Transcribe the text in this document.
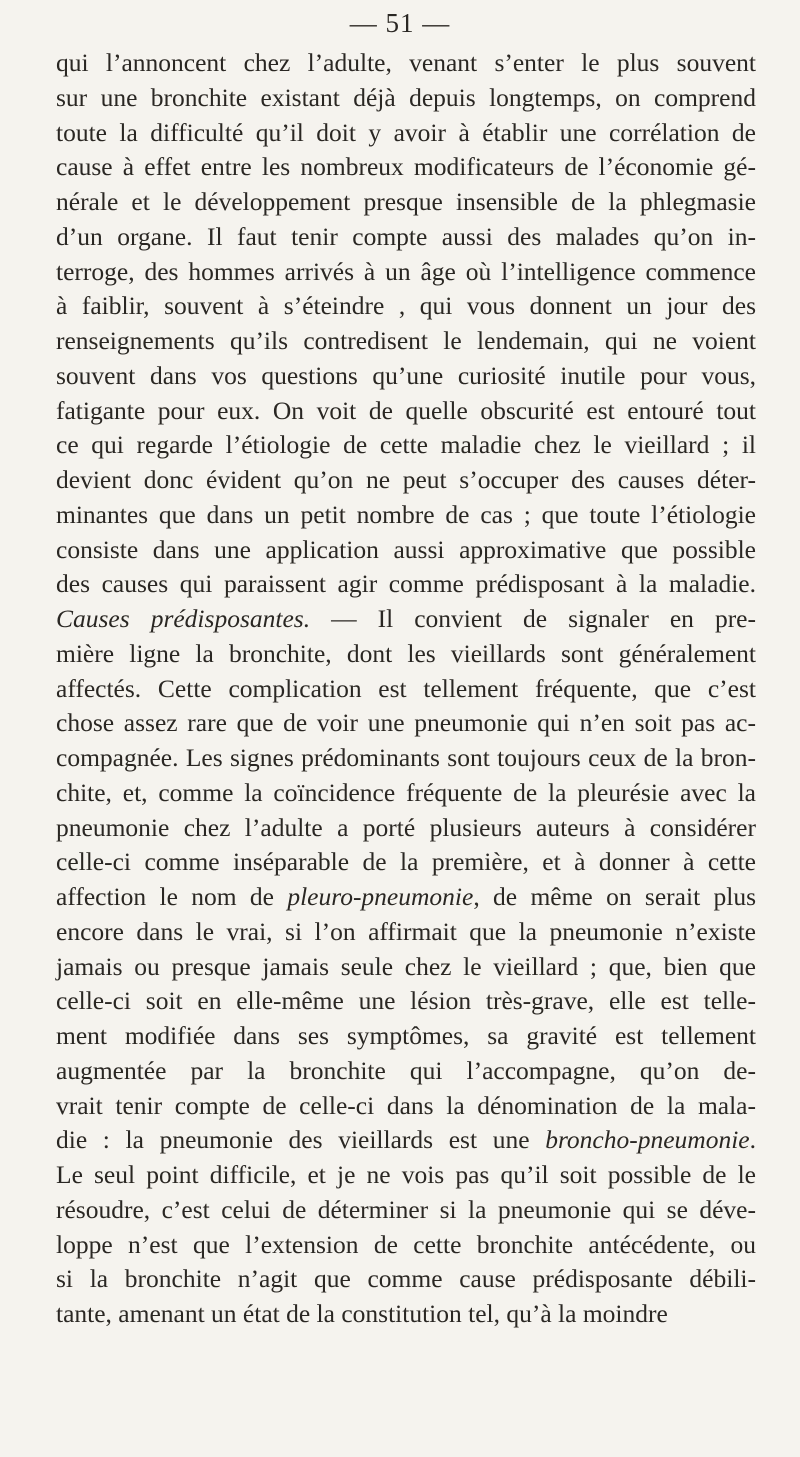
— 51 —
qui l’annoncent chez l’adulte, venant s’enter le plus souvent
sur une bronchite existant déjà depuis longtemps, on comprend
toute la difficulté qu’il doit y avoir à établir une corrélation de
cause à effet entre les nombreux modificateurs de l’économie gé-
nérale et le développement presque insensible de la phlegmasie
d’un organe. Il faut tenir compte aussi des malades qu’on in-
terroge, des hommes arrivés à un âge où l’intelligence commence
à faiblir, souvent à s’éteindre , qui vous donnent un jour des
renseignements qu’ils contredisent le lendemain, qui ne voient
souvent dans vos questions qu’une curiosité inutile pour vous,
fatigante pour eux. On voit de quelle obscurité est entouré tout
ce qui regarde l’étiologie de cette maladie chez le vieillard ; il
devient donc évident qu’on ne peut s’occuper des causes déter-
minantes que dans un petit nombre de cas ; que toute l’étiologie
consiste dans une application aussi approximative que possible
des causes qui paraissent agir comme prédisposant à la maladie.
Causes prédisposantes. — Il convient de signaler en pre-
mière ligne la bronchite, dont les vieillards sont généralement
affectés. Cette complication est tellement fréquente, que c’est
chose assez rare que de voir une pneumonie qui n’en soit pas ac-
compagnée. Les signes prédominants sont toujours ceux de la bron-
chite, et, comme la coïncidence fréquente de la pleurésie avec la
pneumonie chez l’adulte a porté plusieurs auteurs à considérer
celle-ci comme inséparable de la première, et à donner à cette
affection le nom de pleuro-pneumonie, de même on serait plus
encore dans le vrai, si l’on affirmait que la pneumonie n’existe
jamais ou presque jamais seule chez le vieillard ; que, bien que
celle-ci soit en elle-même une lésion très-grave, elle est telle-
ment modifiée dans ses symptômes, sa gravité est tellement
augmentée par la bronchite qui l’accompagne, qu’on de-
vrait tenir compte de celle-ci dans la dénomination de la mala-
die : la pneumonie des vieillards est une broncho-pneumonie.
Le seul point difficile, et je ne vois pas qu’il soit possible de le
résoudre, c’est celui de déterminer si la pneumonie qui se déve-
loppe n’est que l’extension de cette bronchite antécédente, ou
si la bronchite n’agit que comme cause prédisposante débili-
tante, amenant un état de la constitution tel, qu’à la moindre
